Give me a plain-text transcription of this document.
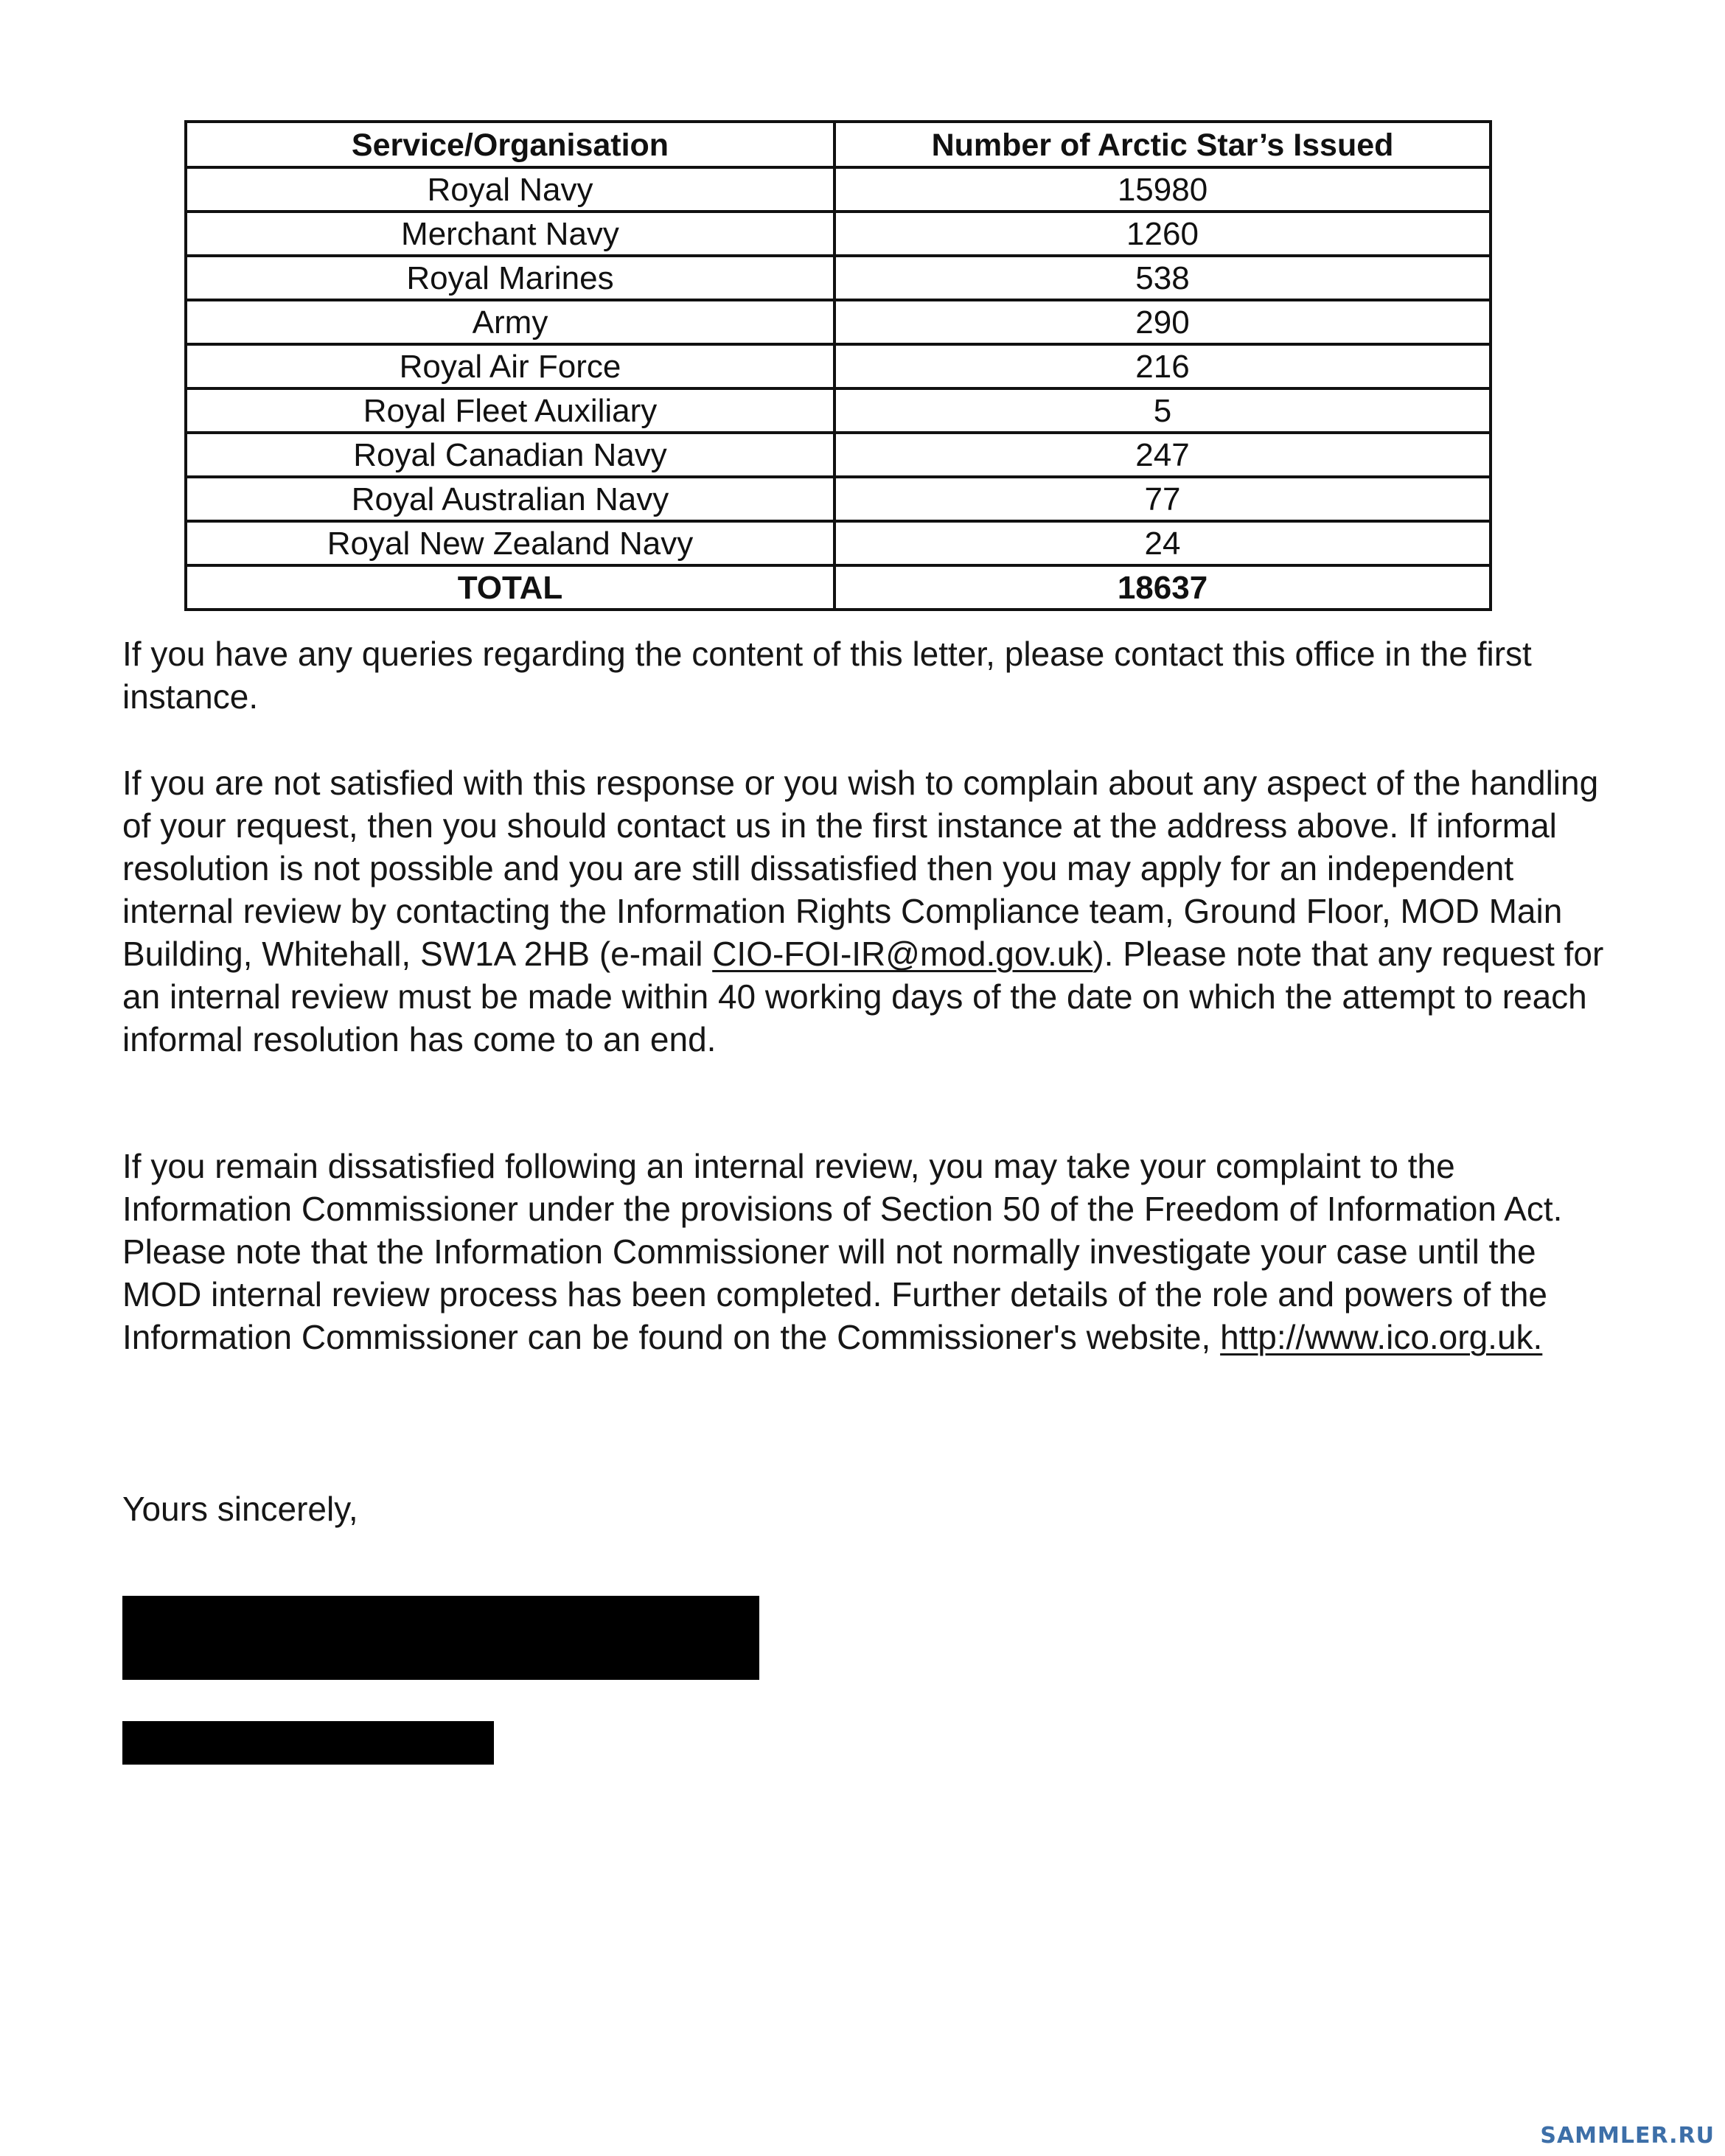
Service/Organisation	Number of Arctic Star’s Issued
Royal Navy	15980
Merchant Navy	1260
Royal Marines	538
Army	290
Royal Air Force	216
Royal Fleet Auxiliary	5
Royal Canadian Navy	247
Royal Australian Navy	77
Royal New Zealand Navy	24
TOTAL	18637

If you have any queries regarding the content of this letter, please contact this office in the first instance.

If you are not satisfied with this response or you wish to complain about any aspect of the handling of your request, then you should contact us in the first instance at the address above. If informal resolution is not possible and you are still dissatisfied then you may apply for an independent internal review by contacting the Information Rights Compliance team, Ground Floor, MOD Main Building, Whitehall, SW1A 2HB (e-mail CIO-FOI-IR@mod.gov.uk). Please note that any request for an internal review must be made within 40 working days of the date on which the attempt to reach informal resolution has come to an end.

If you remain dissatisfied following an internal review, you may take your complaint to the Information Commissioner under the provisions of Section 50 of the Freedom of Information Act. Please note that the Information Commissioner will not normally investigate your case until the MOD internal review process has been completed. Further details of the role and powers of the Information Commissioner can be found on the Commissioner's website, http://www.ico.org.uk.

Yours sincerely,
SAMMLER.RU
